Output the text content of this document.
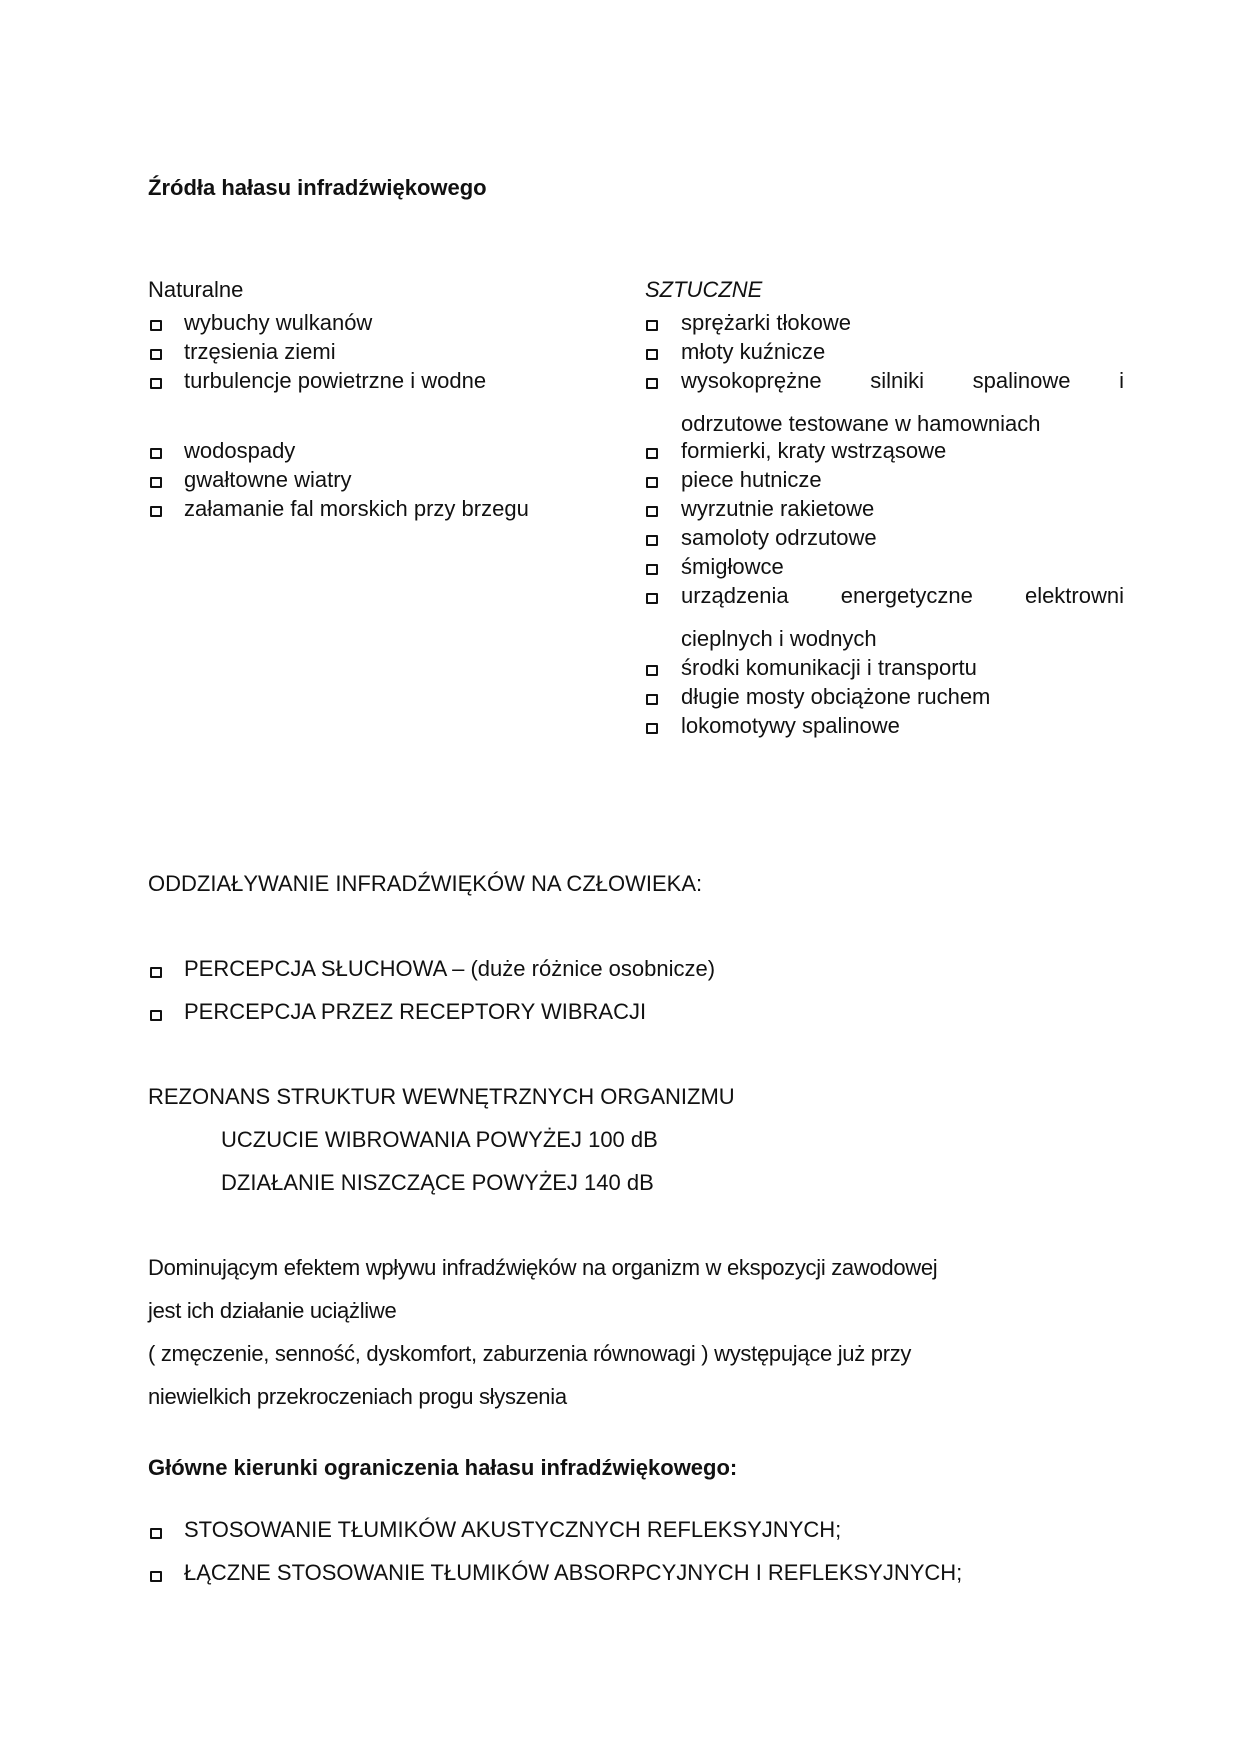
Źródła hałasu infradźwiękowego
Naturalne
wybuchy wulkanów
trzęsienia ziemi
turbulencje powietrzne i wodne
wodospady
gwałtowne wiatry
załamanie fal morskich przy brzegu
SZTUCZNE
sprężarki tłokowe
młoty kuźnicze
wysokoprężne silniki spalinowe i
odrzutowe testowane w hamowniach
formierki, kraty wstrząsowe
piece hutnicze
wyrzutnie rakietowe
samoloty odrzutowe
śmigłowce
urządzenia energetyczne elektrowni
cieplnych i wodnych
środki komunikacji i transportu
długie mosty obciążone ruchem
lokomotywy spalinowe
ODDZIAŁYWANIE INFRADŹWIĘKÓW NA CZŁOWIEKA:
PERCEPCJA SŁUCHOWA – (duże różnice osobnicze)
PERCEPCJA PRZEZ RECEPTORY WIBRACJI
REZONANS STRUKTUR WEWNĘTRZNYCH ORGANIZMU
UCZUCIE WIBROWANIA POWYŻEJ 100 dB
DZIAŁANIE NISZCZĄCE POWYŻEJ 140 dB
Dominującym efektem wpływu infradźwięków na organizm w ekspozycji zawodowej
jest ich działanie uciążliwe
( zmęczenie, senność, dyskomfort, zaburzenia równowagi ) występujące już przy
niewielkich przekroczeniach progu słyszenia
Główne kierunki ograniczenia hałasu infradźwiękowego:
STOSOWANIE TŁUMIKÓW AKUSTYCZNYCH REFLEKSYJNYCH;
ŁĄCZNE STOSOWANIE TŁUMIKÓW ABSORPCYJNYCH I REFLEKSYJNYCH;
